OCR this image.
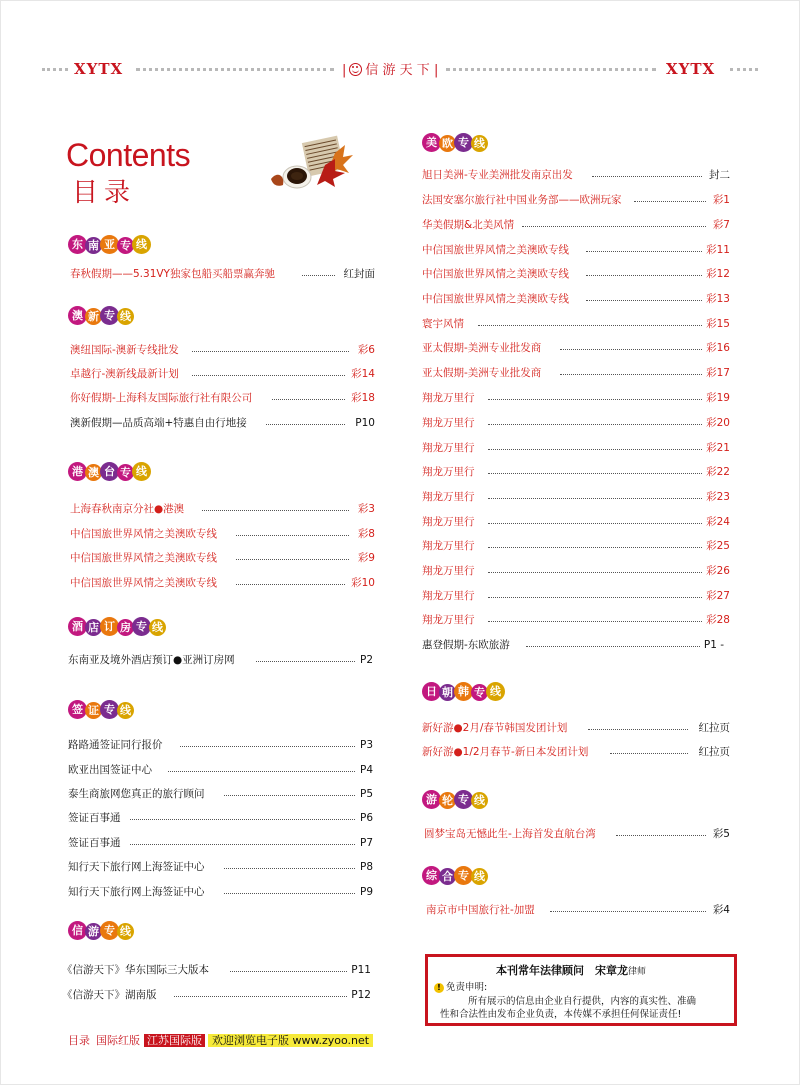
XYTX	| 信 游 天 下 |	XYTX
Contents
目录
东 南 亚 专 线
春秋假期——5.31VY独家包船买船票赢奔驰	红封面
澳 新 专 线
澳纽国际-澳新专线批发	彩6
卓越行-澳新线最新计划	彩14
你好假期-上海科友国际旅行社有限公司	彩18
澳新假期—品质高端+特惠自由行地接	P10
港 澳 台 专 线
上海春秋南京分社●港澳	彩3
中信国旅世界风情之美澳欧专线	彩8
中信国旅世界风情之美澳欧专线	彩9
中信国旅世界风情之美澳欧专线	彩10
酒 店 订 房 专 线
东南亚及境外酒店预订●亚洲订房网	P2
签 证 专 线
路路通签证同行报价	P3
欧亚出国签证中心	P4
泰生商旅网您真正的旅行顾问	P5
签证百事通	P6
签证百事通	P7
知行天下旅行网上海签证中心	P8
知行天下旅行网上海签证中心	P9
信 游 专 线
《信游天下》华东国际三大版本	P11
《信游天下》湖南版	P12
美 欧 专 线
旭日美洲-专业美洲批发南京出发	封二
法国安塞尔旅行社中国业务部——欧洲玩家	彩1
华美假期&北美风情	彩7
中信国旅世界风情之美澳欧专线	彩11
中信国旅世界风情之美澳欧专线	彩12
中信国旅世界风情之美澳欧专线	彩13
寰宇风情	彩15
亚太假期-美洲专业批发商	彩16
亚太假期-美洲专业批发商	彩17
翔龙万里行	彩19
翔龙万里行	彩20
翔龙万里行	彩21
翔龙万里行	彩22
翔龙万里行	彩23
翔龙万里行	彩24
翔龙万里行	彩25
翔龙万里行	彩26
翔龙万里行	彩27
翔龙万里行	彩28
惠登假期-东欧旅游	P1 -
日 朝 韩 专 线
新好游●2月/春节韩国发团计划	红拉页
新好游●1/2月春节-新日本发团计划	红拉页
游 轮 专 线
圆梦宝岛无憾此生-上海首发直航台湾	彩5
综 合 专 线
南京市中国旅行社-加盟	彩4
本刊常年法律顾问　宋章龙律师
! 免责申明:
所有展示的信息由企业自行提供，内容的真实性、准确
性和合法性由发布企业负责，本传媒不承担任何保证责任!
目录 国际红版 江苏国际版 欢迎浏览电子版 www.zyoo.net
